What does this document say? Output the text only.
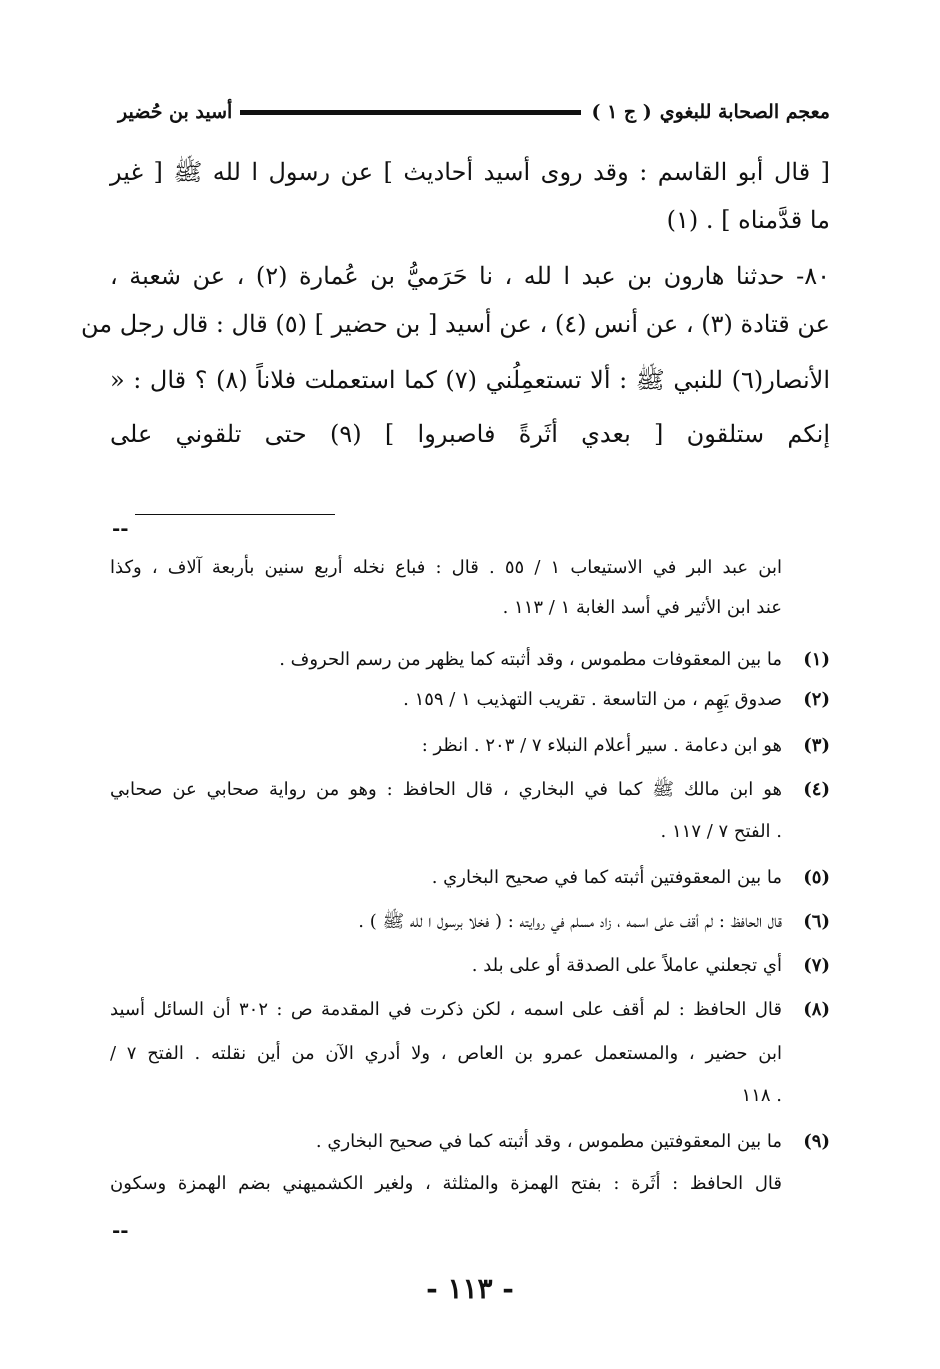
معجم الصحابة للبغوي
( ج ١ )
أسيد بن حُضير
[ قال أبو القاسم : وقد روى أسيد أحاديث ] عن رسول ا لله ﷺ [ غير
ما قدَّمناه ] . (١)
٨٠- حدثنا هارون بن عبد ا لله ، نا حَرَميُّ بن عُمارة (٢) ، عن شعبة ،
عن قتادة (٣) ، عن أنس (٤) ، عن أسيد [ بن حضير ] (٥) قال : قال رجل من
الأنصار(٦) للنبي ﷺ : ألا تستعمِلُني (٧) كما استعملت فلاناً (٨) ؟ قال : «
إنكم ستلقون [ بعدي أثَرةً فاصبروا ] (٩) حتى تلقوني على
--
ابن عبد البر في الاستيعاب ١ / ٥٥ . قال : فباع نخله أربع سنين بأربعة آلاف ، وكذا
عند ابن الأثير في أسد الغابة ١ / ١١٣ .
(١)
ما بين المعقوفات مطموس ، وقد أثبته كما يظهر من رسم الحروف .
(٢)
صدوق يَهِم ، من التاسعة . تقريب التهذيب ١ / ١٥٩ .
(٣)
هو ابن دعامة . سير أعلام النبلاء ٧ / ٢٠٣ . انظر :
(٤)
هو ابن مالك ﷺ كما في البخاري ، قال الحافظ : وهو من رواية صحابي عن صحابي
. الفتح ٧ / ١١٧ .
(٥)
ما بين المعقوفتين أثبته كما في صحيح البخاري .
(٦)
قال الحافظ : لم أقف على اسمه ، زاد مسلم في روايته : ( فخلا برسول ا لله ﷺ ) .
(٧)
أي تجعلني عاملاً على الصدقة أو على بلد .
(٨)
قال الحافظ : لم أقف على اسمه ، لكن ذكرت في المقدمة ص : ٣٠٢ أن السائل أسيد
ابن حضير ، والمستعمل عمرو بن العاص ، ولا أدري الآن من أين نقلته . الفتح ٧ /
. ١١٨
(٩)
ما بين المعقوفتين مطموس ، وقد أثبته كما في صحيح البخاري .
قال الحافظ : أثَرة : بفتح الهمزة والمثلثة ، ولغير الكشميهني بضم الهمزة وسكون
--
- ١١٣ -
